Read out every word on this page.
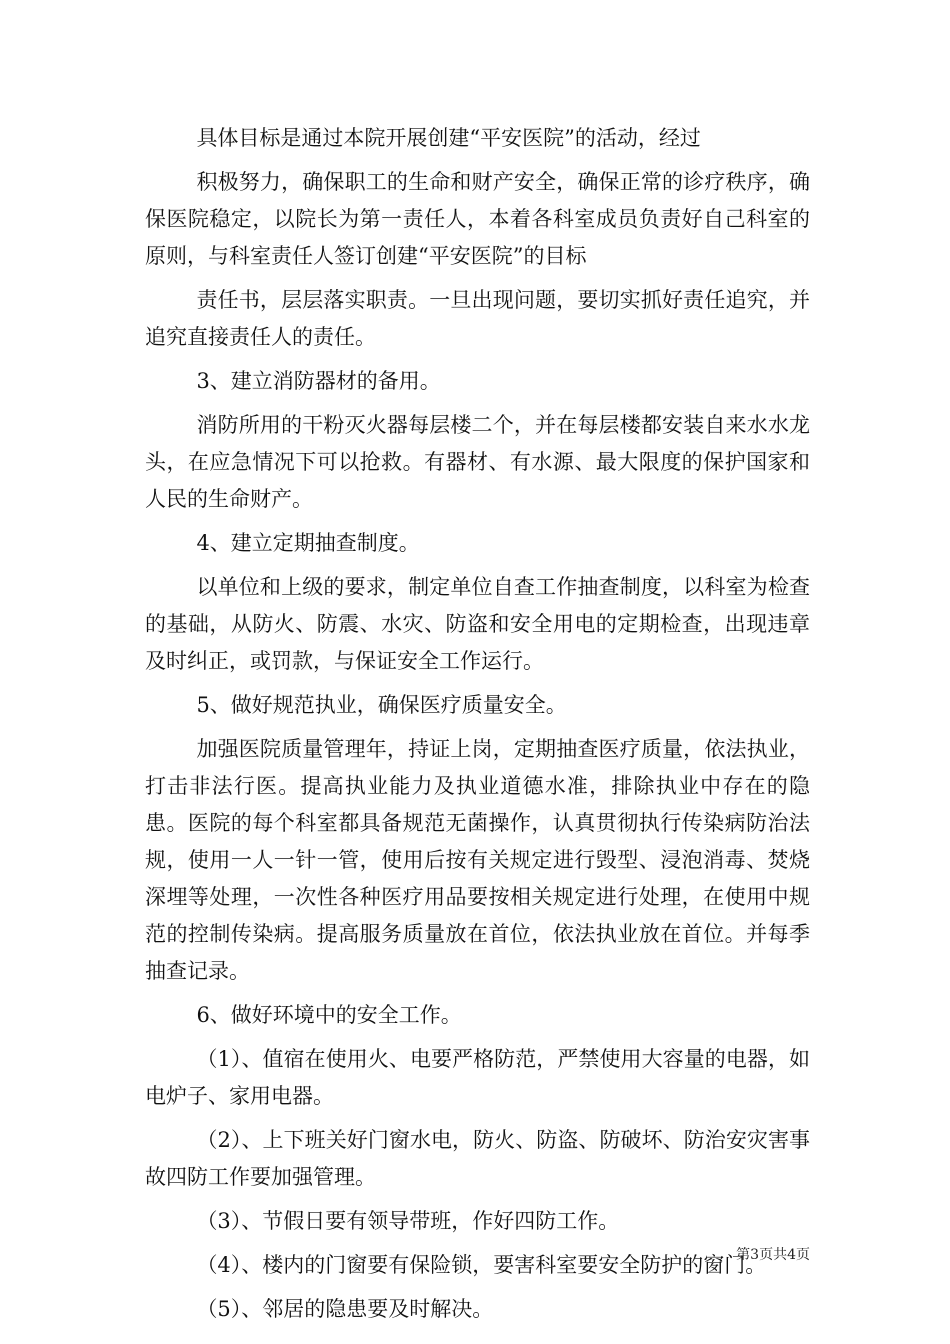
具体目标是通过本院开展创建“平安医院”的活动，经过

积极努力，确保职工的生命和财产安全，确保正常的诊疗秩序，确保医院稳定，以院长为第一责任人，本着各科室成员负责好自己科室的原则，与科室责任人签订创建“平安医院”的目标

责任书，层层落实职责。一旦出现问题，要切实抓好责任追究，并追究直接责任人的责任。

3、建立消防器材的备用。

消防所用的干粉灭火器每层楼二个，并在每层楼都安装自来水水龙头，在应急情况下可以抢救。有器材、有水源、最大限度的保护国家和人民的生命财产。

4、建立定期抽查制度。

以单位和上级的要求，制定单位自查工作抽查制度，以科室为检查的基础，从防火、防震、水灾、防盗和安全用电的定期检查，出现违章及时纠正，或罚款，与保证安全工作运行。

5、做好规范执业，确保医疗质量安全。

加强医院质量管理年，持证上岗，定期抽查医疗质量，依法执业，打击非法行医。提高执业能力及执业道德水准，排除执业中存在的隐患。医院的每个科室都具备规范无菌操作，认真贯彻执行传染病防治法规，使用一人一针一管，使用后按有关规定进行毁型、浸泡消毒、焚烧深埋等处理，一次性各种医疗用品要按相关规定进行处理，在使用中规范的控制传染病。提高服务质量放在首位，依法执业放在首位。并每季抽查记录。

6、做好环境中的安全工作。

（1）、值宿在使用火、电要严格防范，严禁使用大容量的电器，如电炉子、家用电器。

（2）、上下班关好门窗水电，防火、防盗、防破坏、防治安灾害事故四防工作要加强管理。

（3）、节假日要有领导带班，作好四防工作。

（4）、楼内的门窗要有保险锁，要害科室要安全防护的窗门。

（5）、邻居的隐患要及时解决。

第3页共4页
